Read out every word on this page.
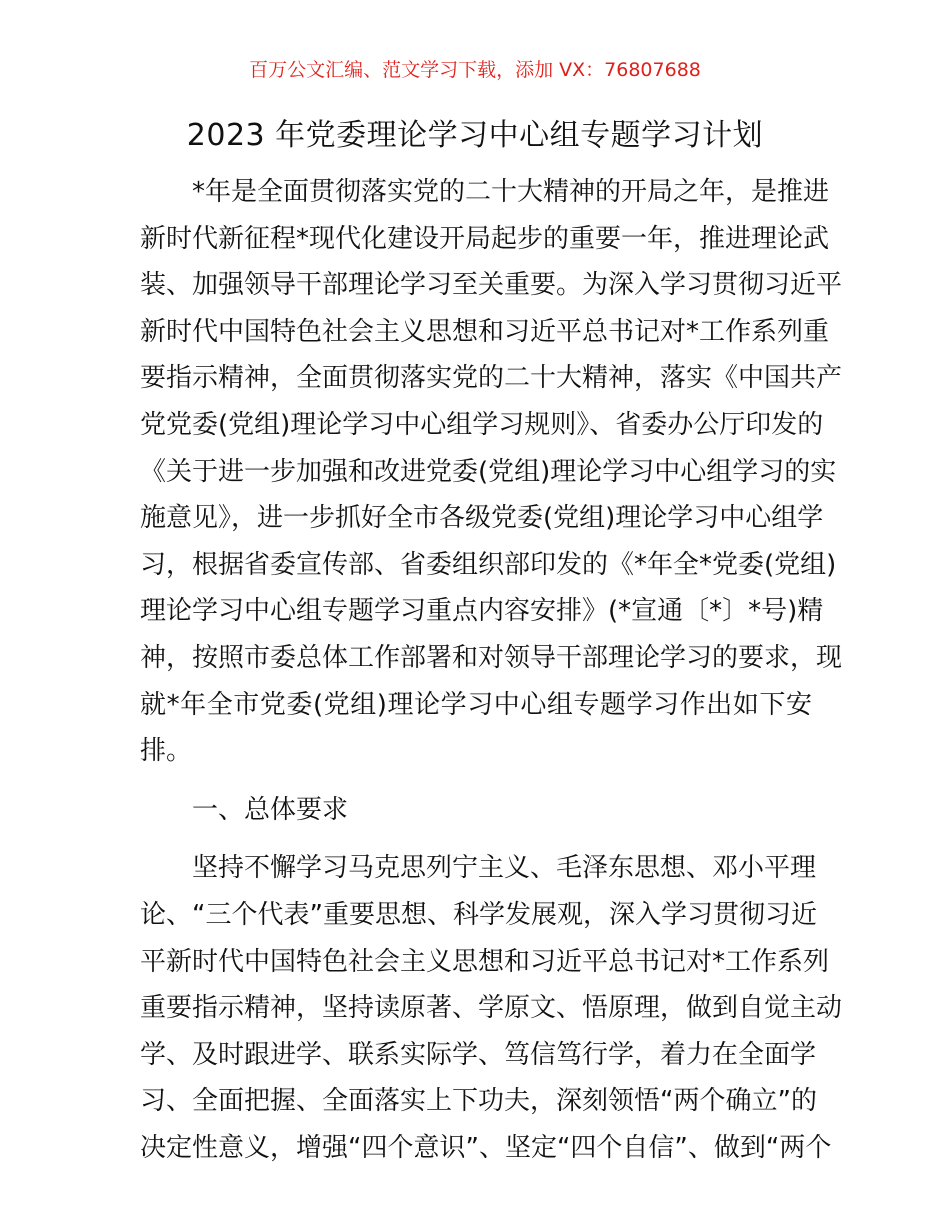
百万公文汇编、范文学习下载，添加 VX：76807688
2023 年党委理论学习中心组专题学习计划
*年是全面贯彻落实党的二十大精神的开局之年，是推进
新时代新征程*现代化建设开局起步的重要一年，推进理论武
装、加强领导干部理论学习至关重要。为深入学习贯彻习近平
新时代中国特色社会主义思想和习近平总书记对*工作系列重
要指示精神，全面贯彻落实党的二十大精神，落实《中国共产
党党委(党组)理论学习中心组学习规则》、省委办公厅印发的
《关于进一步加强和改进党委(党组)理论学习中心组学习的实
施意见》，进一步抓好全市各级党委(党组)理论学习中心组学
习，根据省委宣传部、省委组织部印发的《*年全*党委(党组)
理论学习中心组专题学习重点内容安排》(*宣通〔*〕*号)精
神，按照市委总体工作部署和对领导干部理论学习的要求，现
就*年全市党委(党组)理论学习中心组专题学习作出如下安
排。
一、总体要求
坚持不懈学习马克思列宁主义、毛泽东思想、邓小平理
论、“三个代表”重要思想、科学发展观，深入学习贯彻习近
平新时代中国特色社会主义思想和习近平总书记对*工作系列
重要指示精神，坚持读原著、学原文、悟原理，做到自觉主动
学、及时跟进学、联系实际学、笃信笃行学，着力在全面学
习、全面把握、全面落实上下功夫，深刻领悟“两个确立”的
决定性意义，增强“四个意识”、坚定“四个自信”、做到“两个
